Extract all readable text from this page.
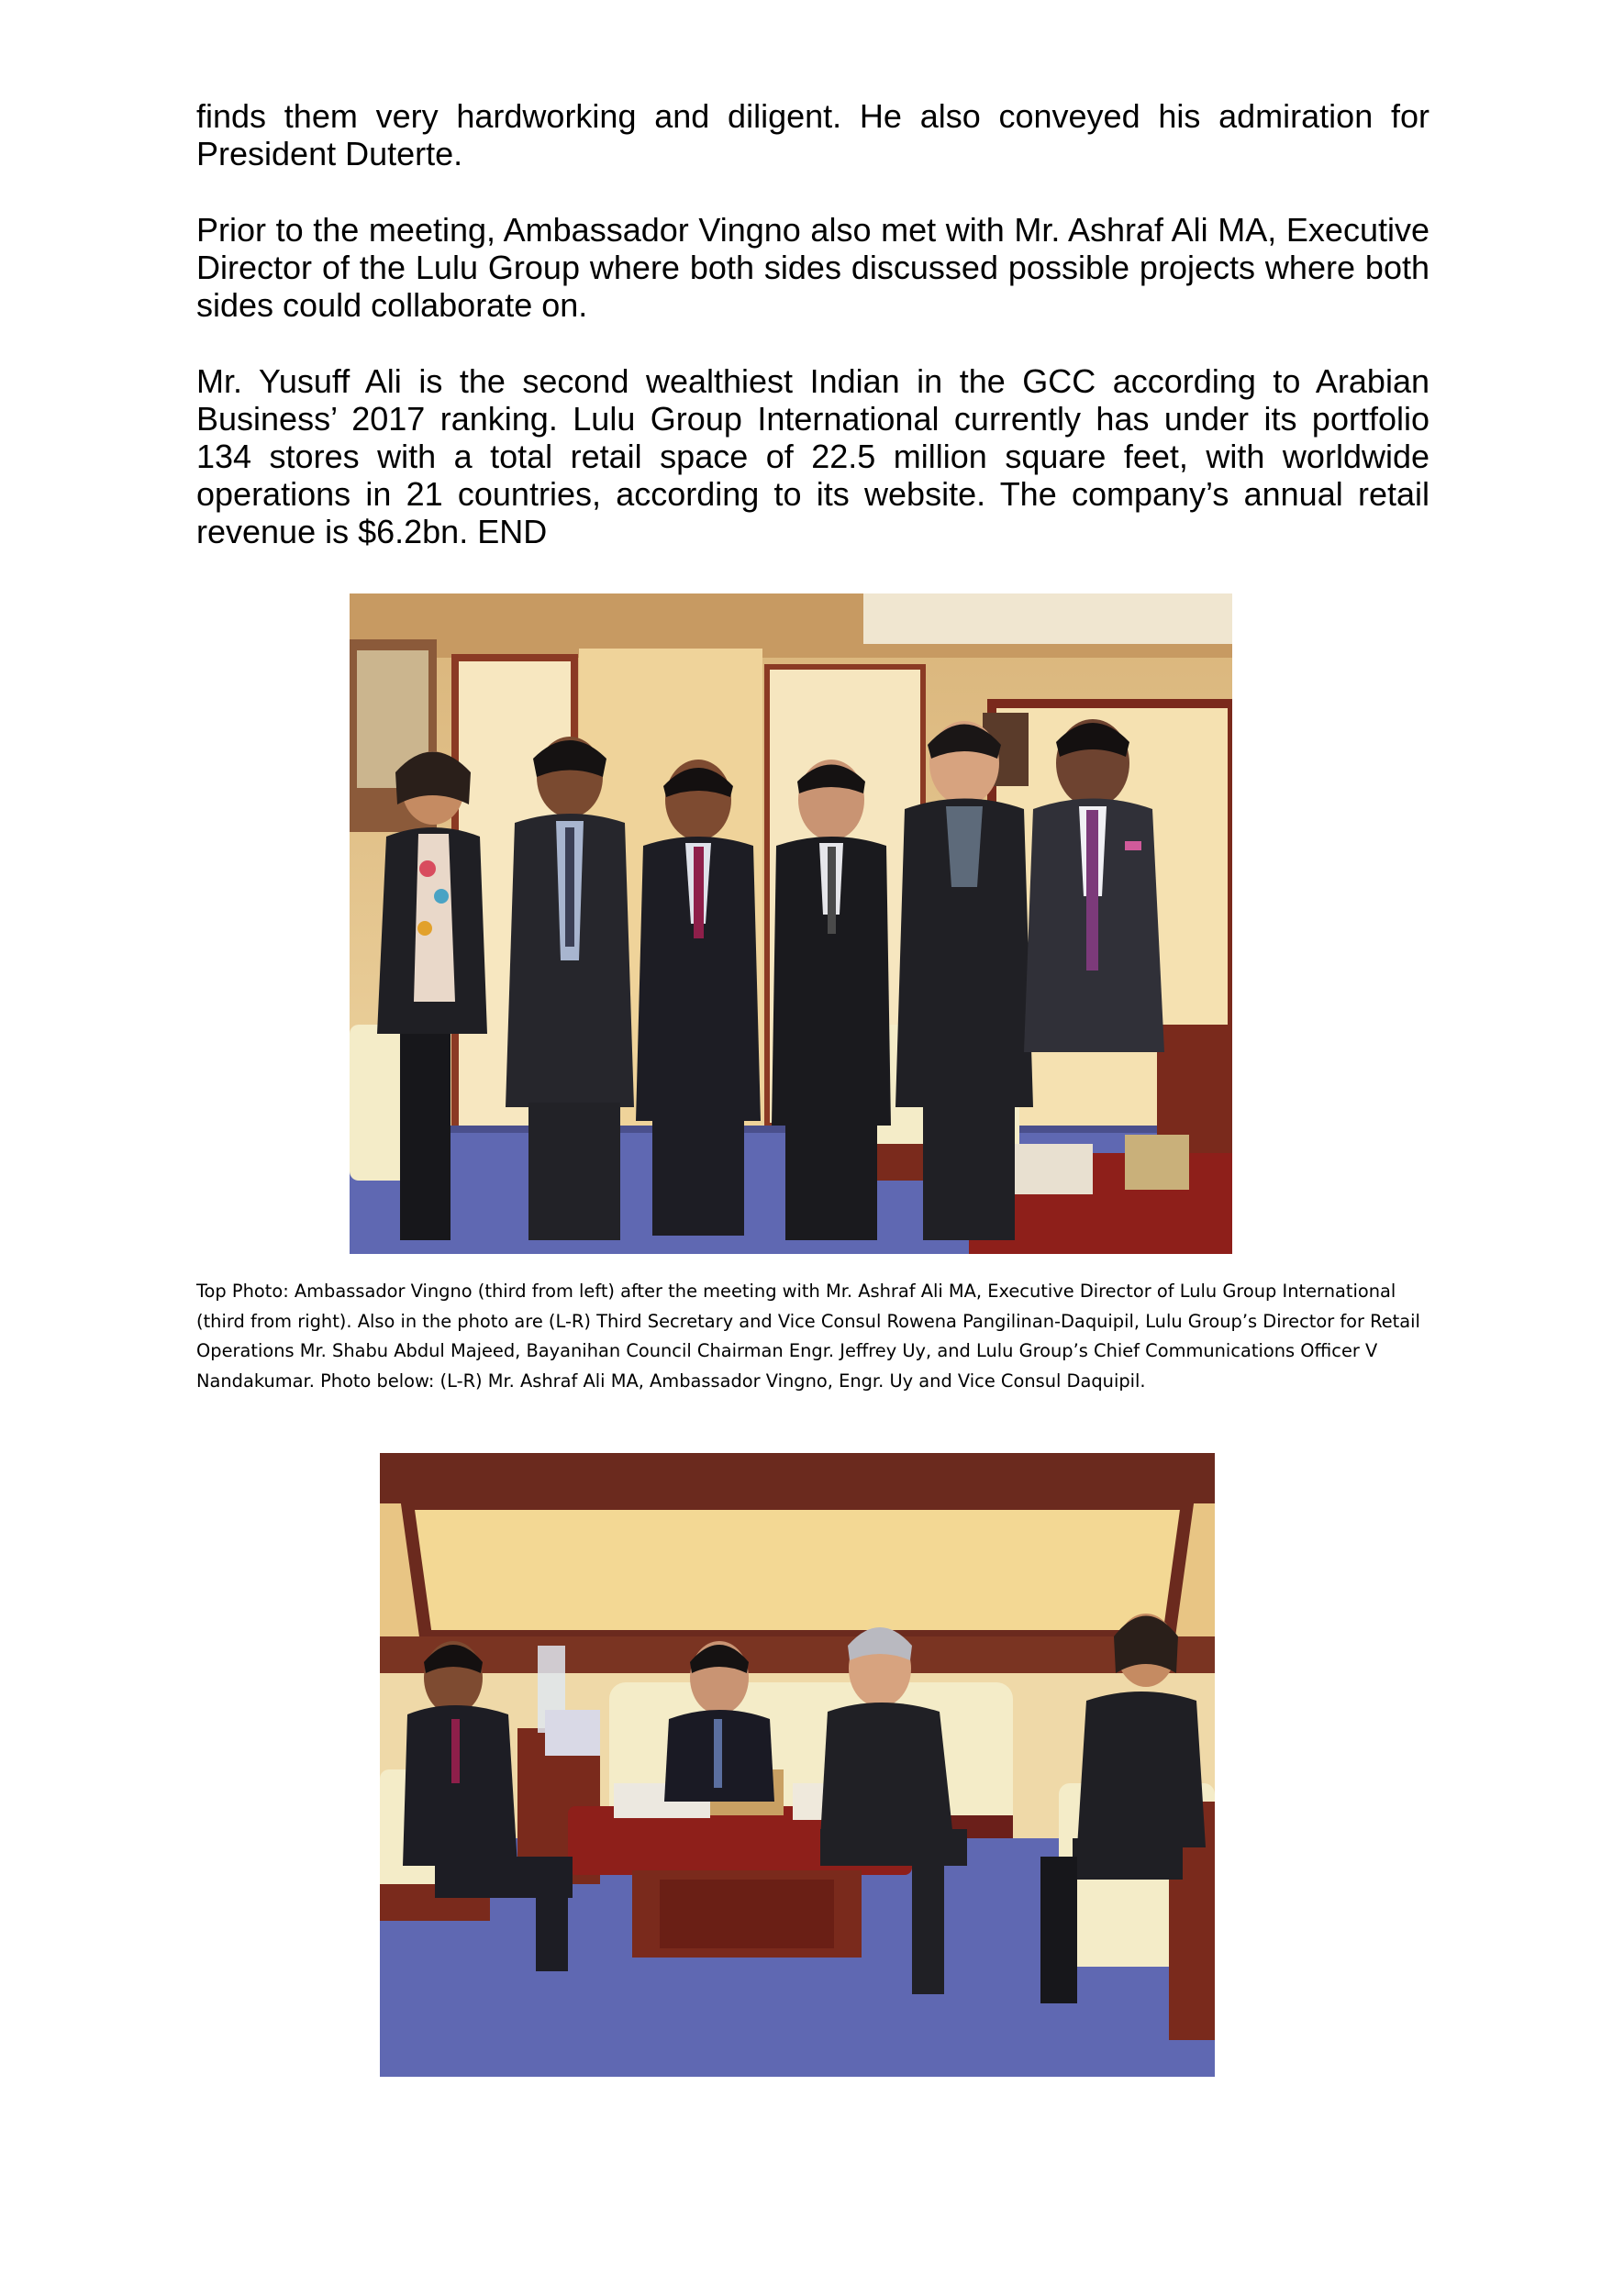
finds them very hardworking and diligent. He also conveyed his admiration for President Duterte.

Prior to the meeting, Ambassador Vingno also met with Mr. Ashraf Ali MA, Executive Director of the Lulu Group where both sides discussed possible projects where both sides could collaborate on.

Mr. Yusuff Ali is the second wealthiest Indian in the GCC according to Arabian Business’ 2017 ranking. Lulu Group International currently has under its portfolio 134 stores with a total retail space of 22.5 million square feet, with worldwide operations in 21 countries, according to its website. The company’s annual retail revenue is $6.2bn. END

Top Photo: Ambassador Vingno (third from left) after the meeting with Mr. Ashraf Ali MA, Executive Director of Lulu Group International (third from right). Also in the photo are (L-R) Third Secretary and Vice Consul Rowena Pangilinan-Daquipil, Lulu Group’s Director for Retail Operations Mr. Shabu Abdul Majeed, Bayanihan Council Chairman Engr. Jeffrey Uy, and Lulu Group’s Chief Communications Officer V Nandakumar. Photo below: (L-R) Mr. Ashraf Ali MA, Ambassador Vingno, Engr. Uy and Vice Consul Daquipil.
